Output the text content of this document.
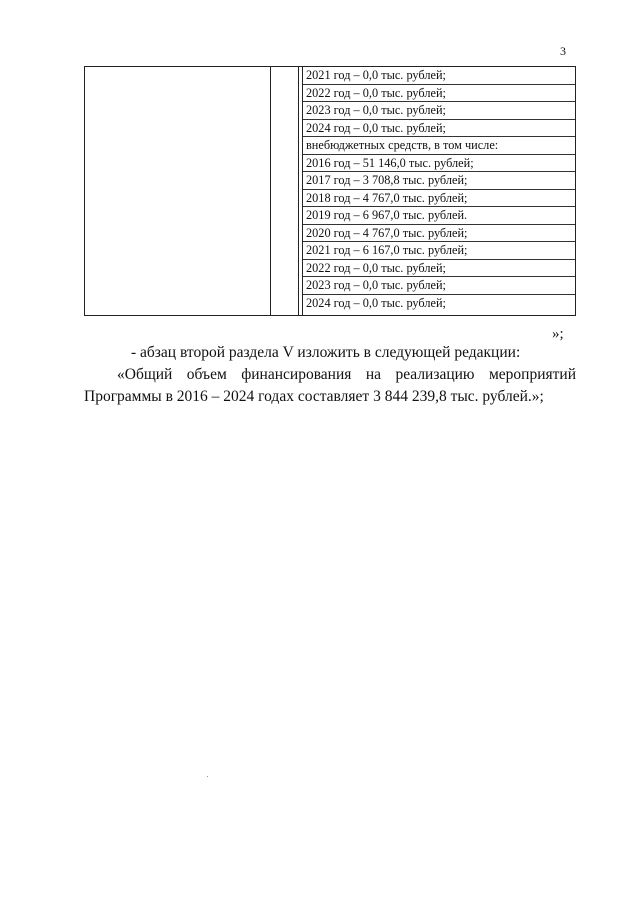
3
2021 год – 0,0 тыс. рублей;
2022 год – 0,0 тыс. рублей;
2023 год – 0,0 тыс. рублей;
2024 год – 0,0 тыс. рублей;
внебюджетных средств, в том числе:
2016 год – 51 146,0 тыс. рублей;
2017 год – 3 708,8 тыс. рублей;
2018 год – 4 767,0 тыс. рублей;
2019 год – 6 967,0 тыс. рублей.
2020 год – 4 767,0 тыс. рублей;
2021 год – 6 167,0 тыс. рублей;
2022 год – 0,0 тыс. рублей;
2023 год – 0,0 тыс. рублей;
2024 год – 0,0 тыс. рублей;
»;
- абзац второй раздела V изложить в следующей редакции:
«Общий объем финансирования на реализацию мероприятий
Программы в 2016 – 2024 годах составляет 3 844 239,8 тыс. рублей.»;
